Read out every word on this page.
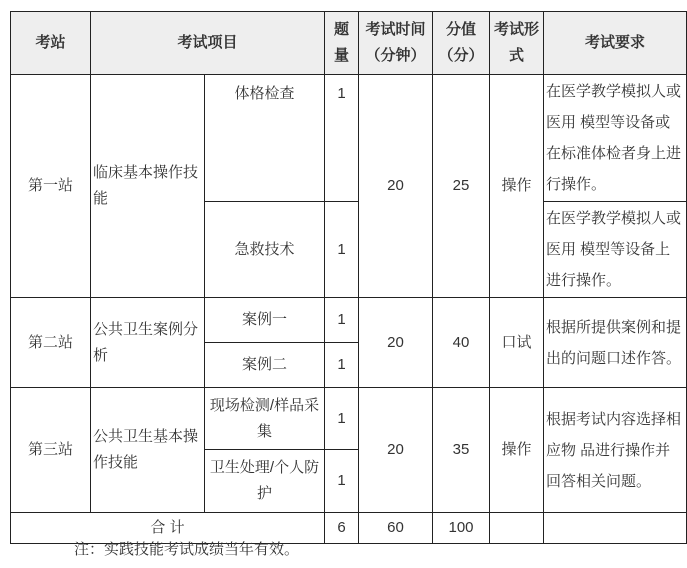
考站	考试项目		题量	考试时间（分钟）	分值（分）	考试形式	考试要求
第一站	临床基本操作技能	体格检查	1	20	25	操作	在医学教学模拟人或医用 模型等设备或在标准体检者身上进行操作。
		急救技术	1				在医学教学模拟人或医用 模型等设备上进行操作。
第二站	公共卫生案例分析	案例一	1	20	40	口试	根据所提供案例和提出的问题口述作答。
		案例二	1				
第三站	公共卫生基本操作技能	现场检测/样品采集	1	20	35	操作	根据考试内容选择相应物 品进行操作并回答相关问题。
		卫生处理/个人防护	1				
合 计			6	60	100		
注：实践技能考试成绩当年有效。
